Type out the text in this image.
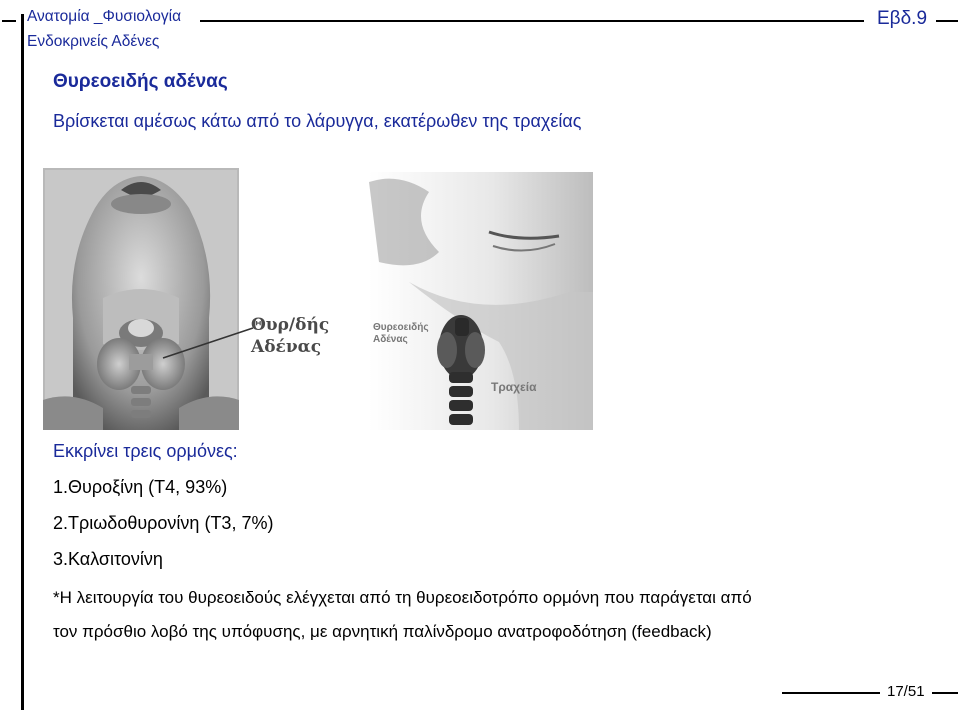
Ανατομία _Φυσιολογία
Ενδοκρινείς Αδένες
Εβδ.9
Θυρεοειδής αδένας
Βρίσκεται αμέσως κάτω από το λάρυγγα, εκατέρωθεν της τραχείας
Θυρ/δής
Αδένας
Θυρεοειδής
Αδένας
Τραχεία
Εκκρίνει τρεις ορμόνες:
1.Θυροξίνη (Τ4, 93%)
2.Τριωδοθυρονίνη (Τ3, 7%)
3.Καλσιτονίνη
*Η λειτουργία του θυρεοειδούς ελέγχεται από τη θυρεοειδοτρόπο ορμόνη που παράγεται από
τον πρόσθιο λοβό της υπόφυσης, με αρνητική παλίνδρομο ανατροφοδότηση (feedback)
17/51
